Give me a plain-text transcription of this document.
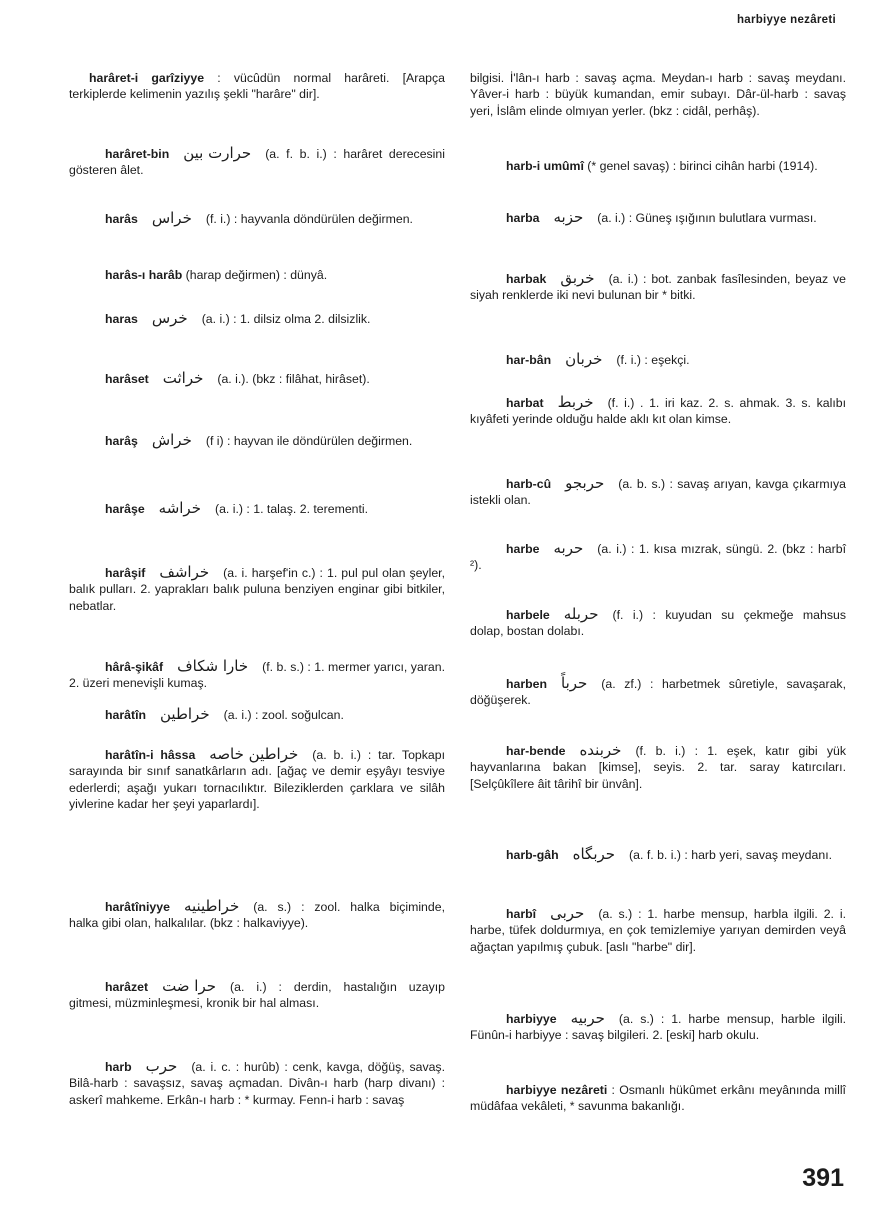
harbiyye nezâreti
harâret-i garîziyye : vücûdün normal harâreti. [Arapça terkiplerde kelimenin yazılış şekli "harâre" dir].
harâret-bin حرارت بين (a. f. b. i.) : harâret derecesini gösteren âlet.
harâs خراس (f. i.) : hayvanla döndürülen değirmen.
harâs-ı harâb (harap değirmen) : dünyâ.
haras خرس (a. i.) : 1. dilsiz olma 2. dilsizlik.
harâset خراثت (a. i.). (bkz : filâhat, hirâset).
harâş خراش (f i) : hayvan ile döndürülen değirmen.
harâşe خراشه (a. i.) : 1. talaş. 2. terementi.
harâşif خراشف (a. i. harşef'in c.) : 1. pul pul olan şeyler, balık pulları. 2. yaprakları balık puluna benziyen enginar gibi bitkiler, nebatlar.
hârâ-şikâf خارا شكاف (f. b. s.) : 1. mermer yarıcı, yaran. 2. üzeri menevişli kumaş.
harâtîn خراطين (a. i.) : zool. soğulcan.
harâtîn-i hâssa خراطين خاصه (a. b. i.) : tar. Topkapı sarayında bir sınıf sanatkârların adı. [ağaç ve demir eşyâyı tesviye ederlerdi; aşağı yukarı tornacılıktır. Bileziklerden çarklara ve silâh yivlerine kadar her şeyi yaparlardı].
harâtîniyye خراطينيه (a. s.) : zool. halka biçiminde, halka gibi olan, halkalılar. (bkz : halkaviyye).
harâzet حرا ضت (a. i.) : derdin, hastalığın uzayıp gitmesi, müzminleşmesi, kronik bir hal alması.
harb حرب (a. i. c. : hurûb) : cenk, kavga, döğüş, savaş. Bilâ-harb : savaşsız, savaş açmadan. Divân-ı harb (harp divanı) : askerî mahkeme. Erkân-ı harb : * kurmay. Fenn-i harb : savaş
bilgisi. İ'lân-ı harb : savaş açma. Meydan-ı harb : savaş meydanı. Yâver-i harb : büyük kumandan, emir subayı. Dâr-ül-harb : savaş yeri, İslâm elinde olmıyan yerler. (bkz : cidâl, perhâş).
harb-i umûmî (* genel savaş) : birinci cihân harbi (1914).
harba حزبه (a. i.) : Güneş ışığının bulutlara vurması.
harbak خربق (a. i.) : bot. zanbak fasîlesinden, beyaz ve siyah renklerde iki nevi bulunan bir * bitki.
har-bân خربان (f. i.) : eşekçi.
harbat خربط (f. i.) . 1. iri kaz. 2. s. ahmak. 3. s. kalıbı kıyâfeti yerinde olduğu halde aklı kıt olan kimse.
harb-cû حربجو (a. b. s.) : savaş arıyan, kavga çıkarmıya istekli olan.
harbe حربه (a. i.) : 1. kısa mızrak, süngü. 2. (bkz : harbî ²).
harbele حربله (f. i.) : kuyudan su çekmeğe mahsus dolap, bostan dolabı.
harben حرباً (a. zf.) : harbetmek sûretiyle, savaşarak, döğüşerek.
har-bende خربنده (f. b. i.) : 1. eşek, katır gibi yük hayvanlarına bakan [kimse], seyis. 2. tar. saray katırcıları. [Selçûkîlere âit târihî bir ünvân].
harb-gâh حربگاه (a. f. b. i.) : harb yeri, savaş meydanı.
harbî حربى (a. s.) : 1. harbe mensup, harbla ilgili. 2. i. harbe, tüfek doldurmıya, en çok temizlemiye yarıyan demirden veyâ ağaçtan yapılmış çubuk. [aslı "harbe" dir].
harbiyye حربيه (a. s.) : 1. harbe mensup, harble ilgili. Fünûn-i harbiyye : savaş bilgileri. 2. [eski] harb okulu.
harbiyye nezâreti : Osmanlı hükûmet erkânı meyânında millî müdâfaa vekâleti, * savunma bakanlığı.
391
